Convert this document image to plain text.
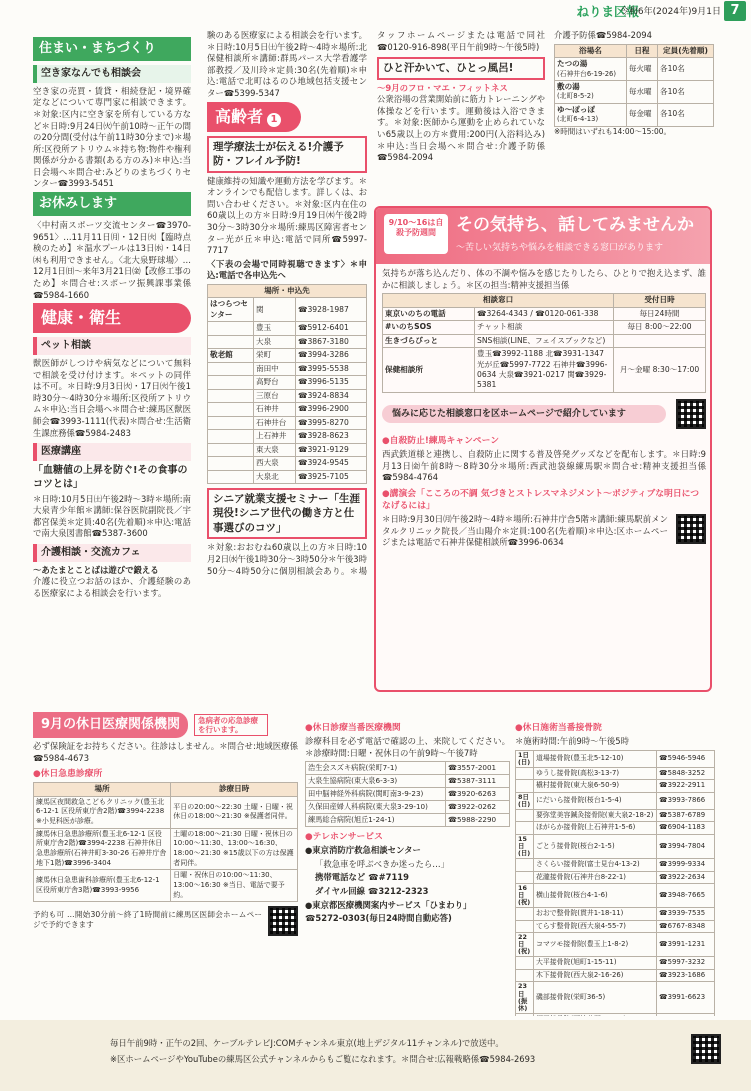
ねりま区報
令和6年(2024年)9月1日 7
住まい・まちづくり
空き家なんでも相談会

空き家の売買・賃貸・相続登記・境界確定などについて専門家に相談できます。＊対象:区内に空き家を所有している方など＊日時:9月24日㈫午前10時～正午の間の20分間(受付は午前11時30分まで)＊場所:区役所アトリウム＊持ち物:物件や権利関係が分かる書類(ある方のみ)＊申込:当日会場へ＊問合せ:みどりのまちづくりセンター☎3993-5451

お休みします

〈中村南スポーツ交流センター☎3970-9651〉…11月11日㈪・12日㈫【臨時点検のため】＊温水プールは13日㈬・14日㈭も利用できません。〈北大泉野球場〉…12月1日㈰～来年3月21日㈮【改修工事のため】＊問合せ:スポーツ振興課事業係☎5984-1660

健康・衛生
ペット相談

獣医師がしつけや病気などについて無料で相談を受け付けます。＊ペットの同伴は不可。＊日時:9月3日㈫・17日㈫午後1時30分～4時30分＊場所:区役所アトリウム＊申込:当日会場へ＊問合せ:練馬区獣医師会☎3993-1111(代表)＊問合せ:生活衛生課庶務係☎5984-2483

医療講座
「血糖値の上昇を防ぐ!その食事のコツとは」

＊日時:10月5日㈯午後2時～3時＊場所:南大泉青少年館＊講師:保谷医院副院長／宇都宮保美＊定員:40名(先着順)＊申込:電話で南大泉図書館☎5387-3600

介護相談・交流カフェ
～あたまとことばは遊びで鍛える

介護に役立つお話のほか、介護経験のある医療家による相談会を行います。

験のある医療家による相談会を行います。＊日時:10月5日㈯午後2時～4時＊場所:北保健相談所＊講師:群馬パース大学看護学部教授／及川玲＊定員:30名(先着順)＊申込:電話で北町はるのひ地域包括支援センター☎5399-5347

高齢者 1
理学療法士が伝える!介護予防・フレイル予防!

健康維持の知識や運動方法を学びます。＊オンラインでも配信します。詳しくは、お問い合わせください。＊対象:区内在住の60歳以上の方＊日時:9月19日㈭午後2時30分～3時30分＊場所:練馬区障害者センター光が丘＊申込:電話で同所☎5997-7717

〈下表の会場で同時視聴できます〉＊申込:電話で各申込先へ

場所・申込先		
はつらつセンター	関	☎3928-1987
	豊玉	☎5912-6401
	大泉	☎3867-3180
敬老館	栄町	☎3994-3286
	南田中	☎3995-5538
	高野台	☎3996-5135
	三原台	☎3924-8834
	石神井	☎3996-2900
	石神井台	☎3995-8270
	上石神井	☎3928-8623
	東大泉	☎3921-9129
	西大泉	☎3924-9545
	大泉北	☎3925-7105
シニア就業支援セミナー「生涯現役!シニア世代の働き方と仕事選びのコツ」

＊対象:おおむね60歳以上の方＊日時:10月2日㈬午後1時30分～3時50分＊午後3時50分～4時50分に個別相談会あり。＊場

タッフホームページまたは電話で同社☎0120-916-898(平日午前9時～午後5時)

ひと汗かいて、ひとっ風呂!
～9月のフロ・マエ・フィットネス

公衆浴場の営業開始前に筋力トレーニングや体操などを行います。運動後は入浴できます。＊対象:医師から運動を止められていない65歳以上の方＊費用:200円(入浴料込み)＊申込:当日会場へ＊問合せ:介護予防係☎5984-2094

介護予防係☎5984-2094

浴場名	日程	定員(先着順)

たつの湯
(石神井台6-19-26)	毎火曜	各10名

敷の湯
(北町8-5-2)	毎水曜	各10名

ゆ～ぽっぽ
(北町6-4-13)	毎金曜	各10名

※時間はいずれも14:00～15:00。

9/10～16は自殺予防週間	その気持ち、話してみませんか
～苦しい気持ちや悩みを相談できる窓口があります

気持ちが落ち込んだり、体の不調や悩みを感じたりしたら、ひとりで抱え込まず、誰かに相談しましょう。＊区の担当:精神支援担当係

相談窓口		受付日時
東京いのちの電話	☎3264-4343 / ☎0120-061-338	毎日24時間
#いのちSOS	チャット相談	毎日 8:00～22:00
生きづらびっと	SNS相談(LINE、フェイスブックなど)	
保健相談所	豊玉☎3992-1188 北☎3931-1347 光が丘☎5997-7722 石神井☎3996-0634 大泉☎3921-0217 関☎3929-5381	月～金曜 8:30～17:00
悩みに応じた相談窓口を区ホームページで紹介しています
●自殺防止!練馬キャンペーン

西武鉄道様と連携し、自殺防止に関する普及啓発グッズなどを配布します。＊日時:9月13日㈮午前8時～8時30分＊場所:西武池袋線練馬駅＊問合せ:精神支援担当係☎5984-4764

●講演会「こころの不調 気づきとストレスマネジメント～ポジティブな明日につなげるには」

＊日時:9月30日㈪午後2時～4時＊場所:石神井庁舎5階＊講師:練馬駅前メンタルクリニック院長／当山陽介＊定員:100名(先着順)＊申込:区ホームページまたは電話で石神井保健相談所☎3996-0634

9月の休日医療関係機関	急病者の応急診療を行います。

必ず保険証をお持ちください。往診はしません。＊問合せ:地域医療係☎5984-4673

●休日急患診療所
場所	診療日時
練馬区夜間救急こどもクリニック(豊玉北6-12-1 区役所東庁舎2階)☎3994-2238 ※小児科医が診療。	平日の20:00～22:30 土曜・日曜・祝休日の18:00～21:30 ※保護者同伴。
練馬休日急患診療所(豊玉北6-12-1 区役所東庁舎2階)☎3994-2238 石神井休日急患診療所(石神井町3-30-26 石神井庁舎地下1階)☎3996-3404	土曜の18:00～21:30 日曜・祝休日の10:00～11:30、13:00～16:30、18:00～21:30 ※15歳以下の方は保護者同伴。
練馬休日急患歯科診療所(豊玉北6-12-1 区役所東庁舎3階)☎3993-9956	日曜・祝休日の10:00～11:30、13:00～16:30 ※当日、電話で要予約。

予約も可 …開始30分前～終了1時間前に練馬区医師会ホームページで予約できます

●休日診療当番医療機関

診療科目を必ず電話で確認の上、来院してください。＊診療時間:日曜・祝休日の午前9時～午後7時

浩生会スズキ病院(栄町7-1)	☎3557-2001
大泉生協病院(東大泉6-3-3)	☎5387-3111
田中脳神経外科病院(関町南3-9-23)	☎3920-6263
久保田産婦人科病院(東大泉3-29-10)	☎3922-0262
練馬総合病院(旭丘1-24-1)	☎5988-2290
●テレホンサービス

●東京消防庁救急相談センター

「救急車を呼ぶべきか迷ったら…」

携帯電話など ☎#7119

ダイヤル回線 ☎3212-2323

●東京都医療機関案内サービス「ひまわり」

☎5272-0303(毎日24時間自動応答)

●休日施術当番接骨院

＊施術時間:午前9時～午後5時

1日(日)	道場接骨院(豊玉北5-12-10)	☎5946-5946
	ゆうし接骨院(高松3-13-7)	☎5848-3252
	槇村接骨院(東大泉6-50-9)	☎3922-2911
8日(日)	にだいら接骨院(桜台1-5-4)	☎3993-7866
	要弥堂美容鍼灸接骨院(東大泉2-18-2)	☎5387-6789
	ほがらか接骨院(上石神井1-5-6)	☎6904-1183
15日(日)	ごとう接骨院(桜台2-1-5)	☎3994-7804
	さくらい接骨院(富士見台4-13-2)	☎3999-9334
	花瀧接骨院(石神井台8-22-1)	☎3922-2634
16日(祝)	横山接骨院(桜台4-1-6)	☎3948-7665
	おおで整骨院(貫井1-18-11)	☎3939-7535
	てらす整骨院(西大泉4-55-7)	☎6767-8348
22日(祝)	コマツモ接骨院(豊玉上1-8-2)	☎3991-1231
	大平接骨院(旭町1-15-11)	☎5997-3232
	木下接骨院(西大泉2-16-26)	☎3923-1686
23日(振休)	磯部接骨院(栄町36-5)	☎3991-6623

毎日午前9時・正午の2回、ケーブルテレビJ:COMチャンネル東京(地上デジタル11チャンネル)で放送中。

※区ホームページやYouTubeの練馬区公式チャンネルからもご覧になれます。＊問合せ:広報戦略係☎5984-2693
